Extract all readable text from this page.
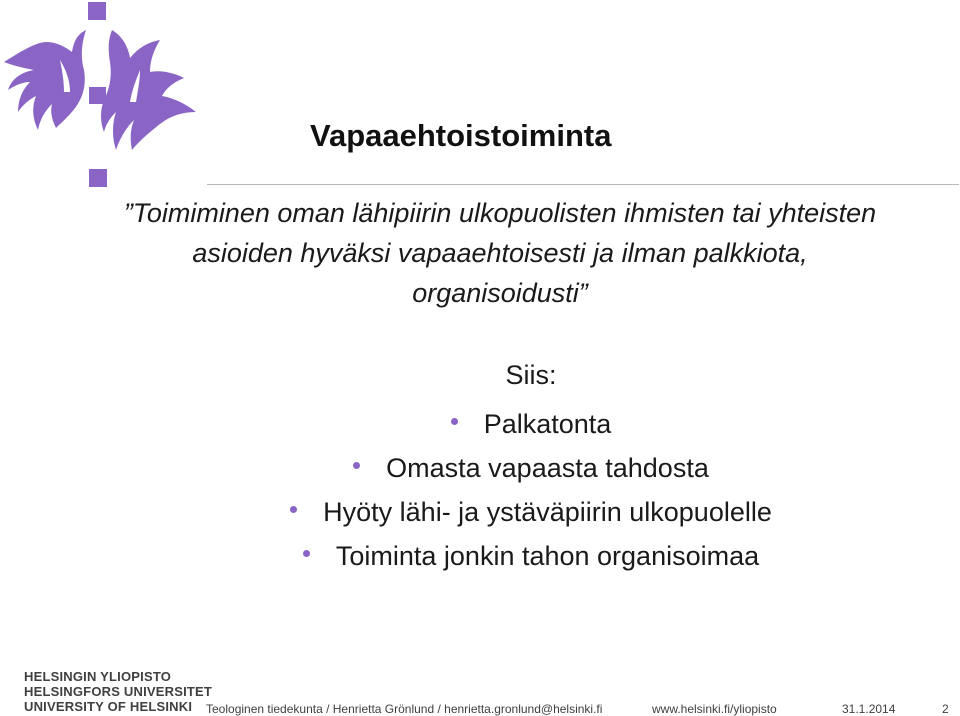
Vapaaehtoistoiminta
”Toimiminen oman lähipiirin ulkopuolisten ihmisten tai yhteisten
asioiden hyväksi vapaaehtoisesti ja ilman palkkiota,
organisoidusti”
Siis:
Palkatonta
Omasta vapaasta tahdosta
Hyöty lähi- ja ystäväpiirin ulkopuolelle
Toiminta jonkin tahon organisoimaa
HELSINGIN YLIOPISTO
HELSINGFORS UNIVERSITET
UNIVERSITY OF HELSINKI	Teologinen tiedekunta / Henrietta Grönlund / henrietta.gronlund@helsinki.fi	www.helsinki.fi/yliopisto	31.1.2014	2
